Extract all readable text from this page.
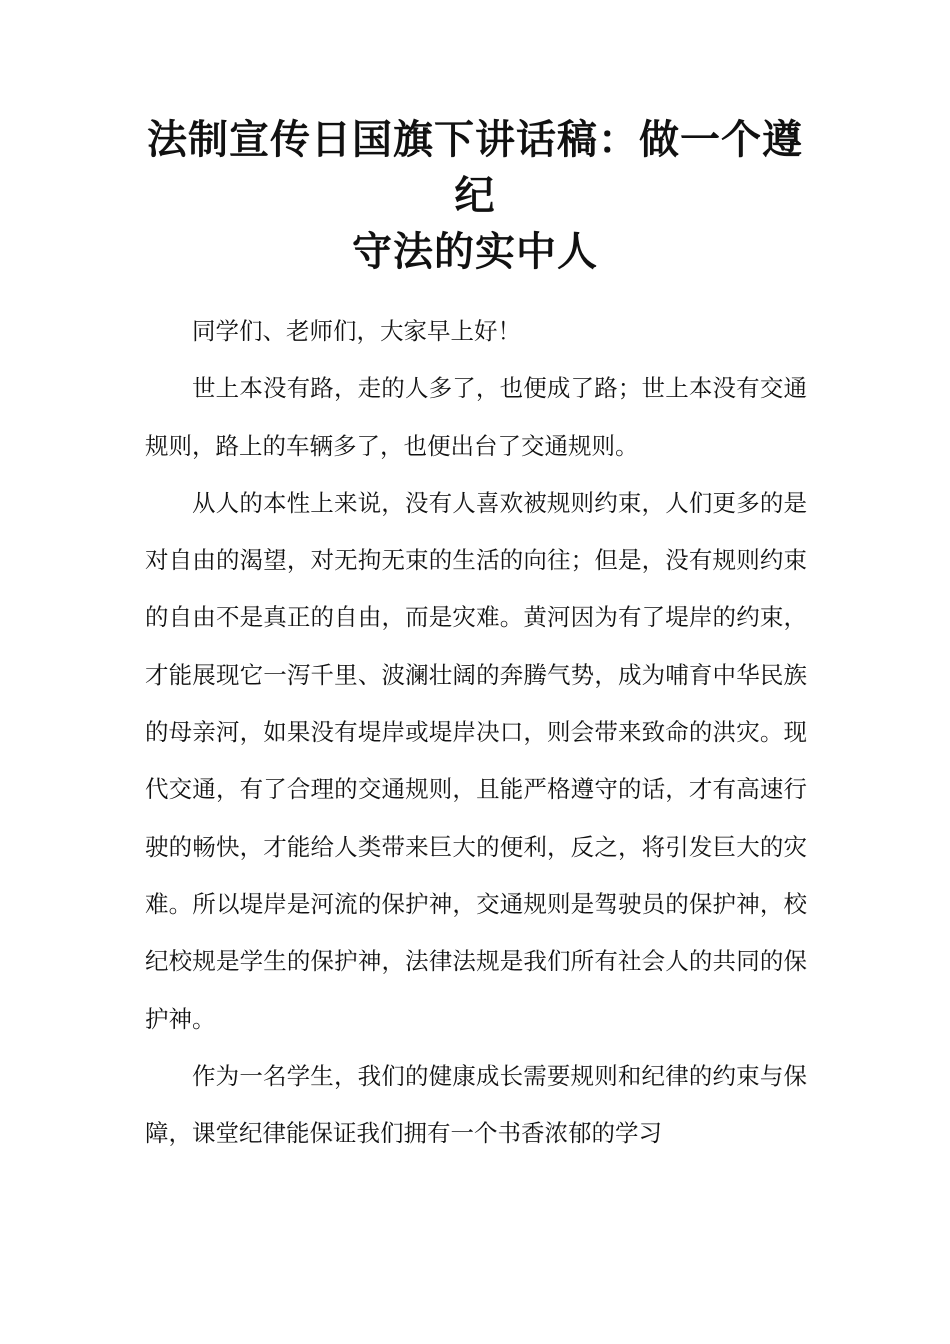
法制宣传日国旗下讲话稿：做一个遵纪
守法的实中人

同学们、老师们，大家早上好！

世上本没有路，走的人多了，也便成了路；世上本没有交通规则，路上的车辆多了，也便出台了交通规则。

从人的本性上来说，没有人喜欢被规则约束，人们更多的是对自由的渴望，对无拘无束的生活的向往；但是，没有规则约束的自由不是真正的自由，而是灾难。黄河因为有了堤岸的约束，才能展现它一泻千里、波澜壮阔的奔腾气势，成为哺育中华民族的母亲河，如果没有堤岸或堤岸决口，则会带来致命的洪灾。现代交通，有了合理的交通规则，且能严格遵守的话，才有高速行驶的畅快，才能给人类带来巨大的便利，反之，将引发巨大的灾难。所以堤岸是河流的保护神，交通规则是驾驶员的保护神，校纪校规是学生的保护神，法律法规是我们所有社会人的共同的保护神。

作为一名学生，我们的健康成长需要规则和纪律的约束与保障，课堂纪律能保证我们拥有一个书香浓郁的学习
